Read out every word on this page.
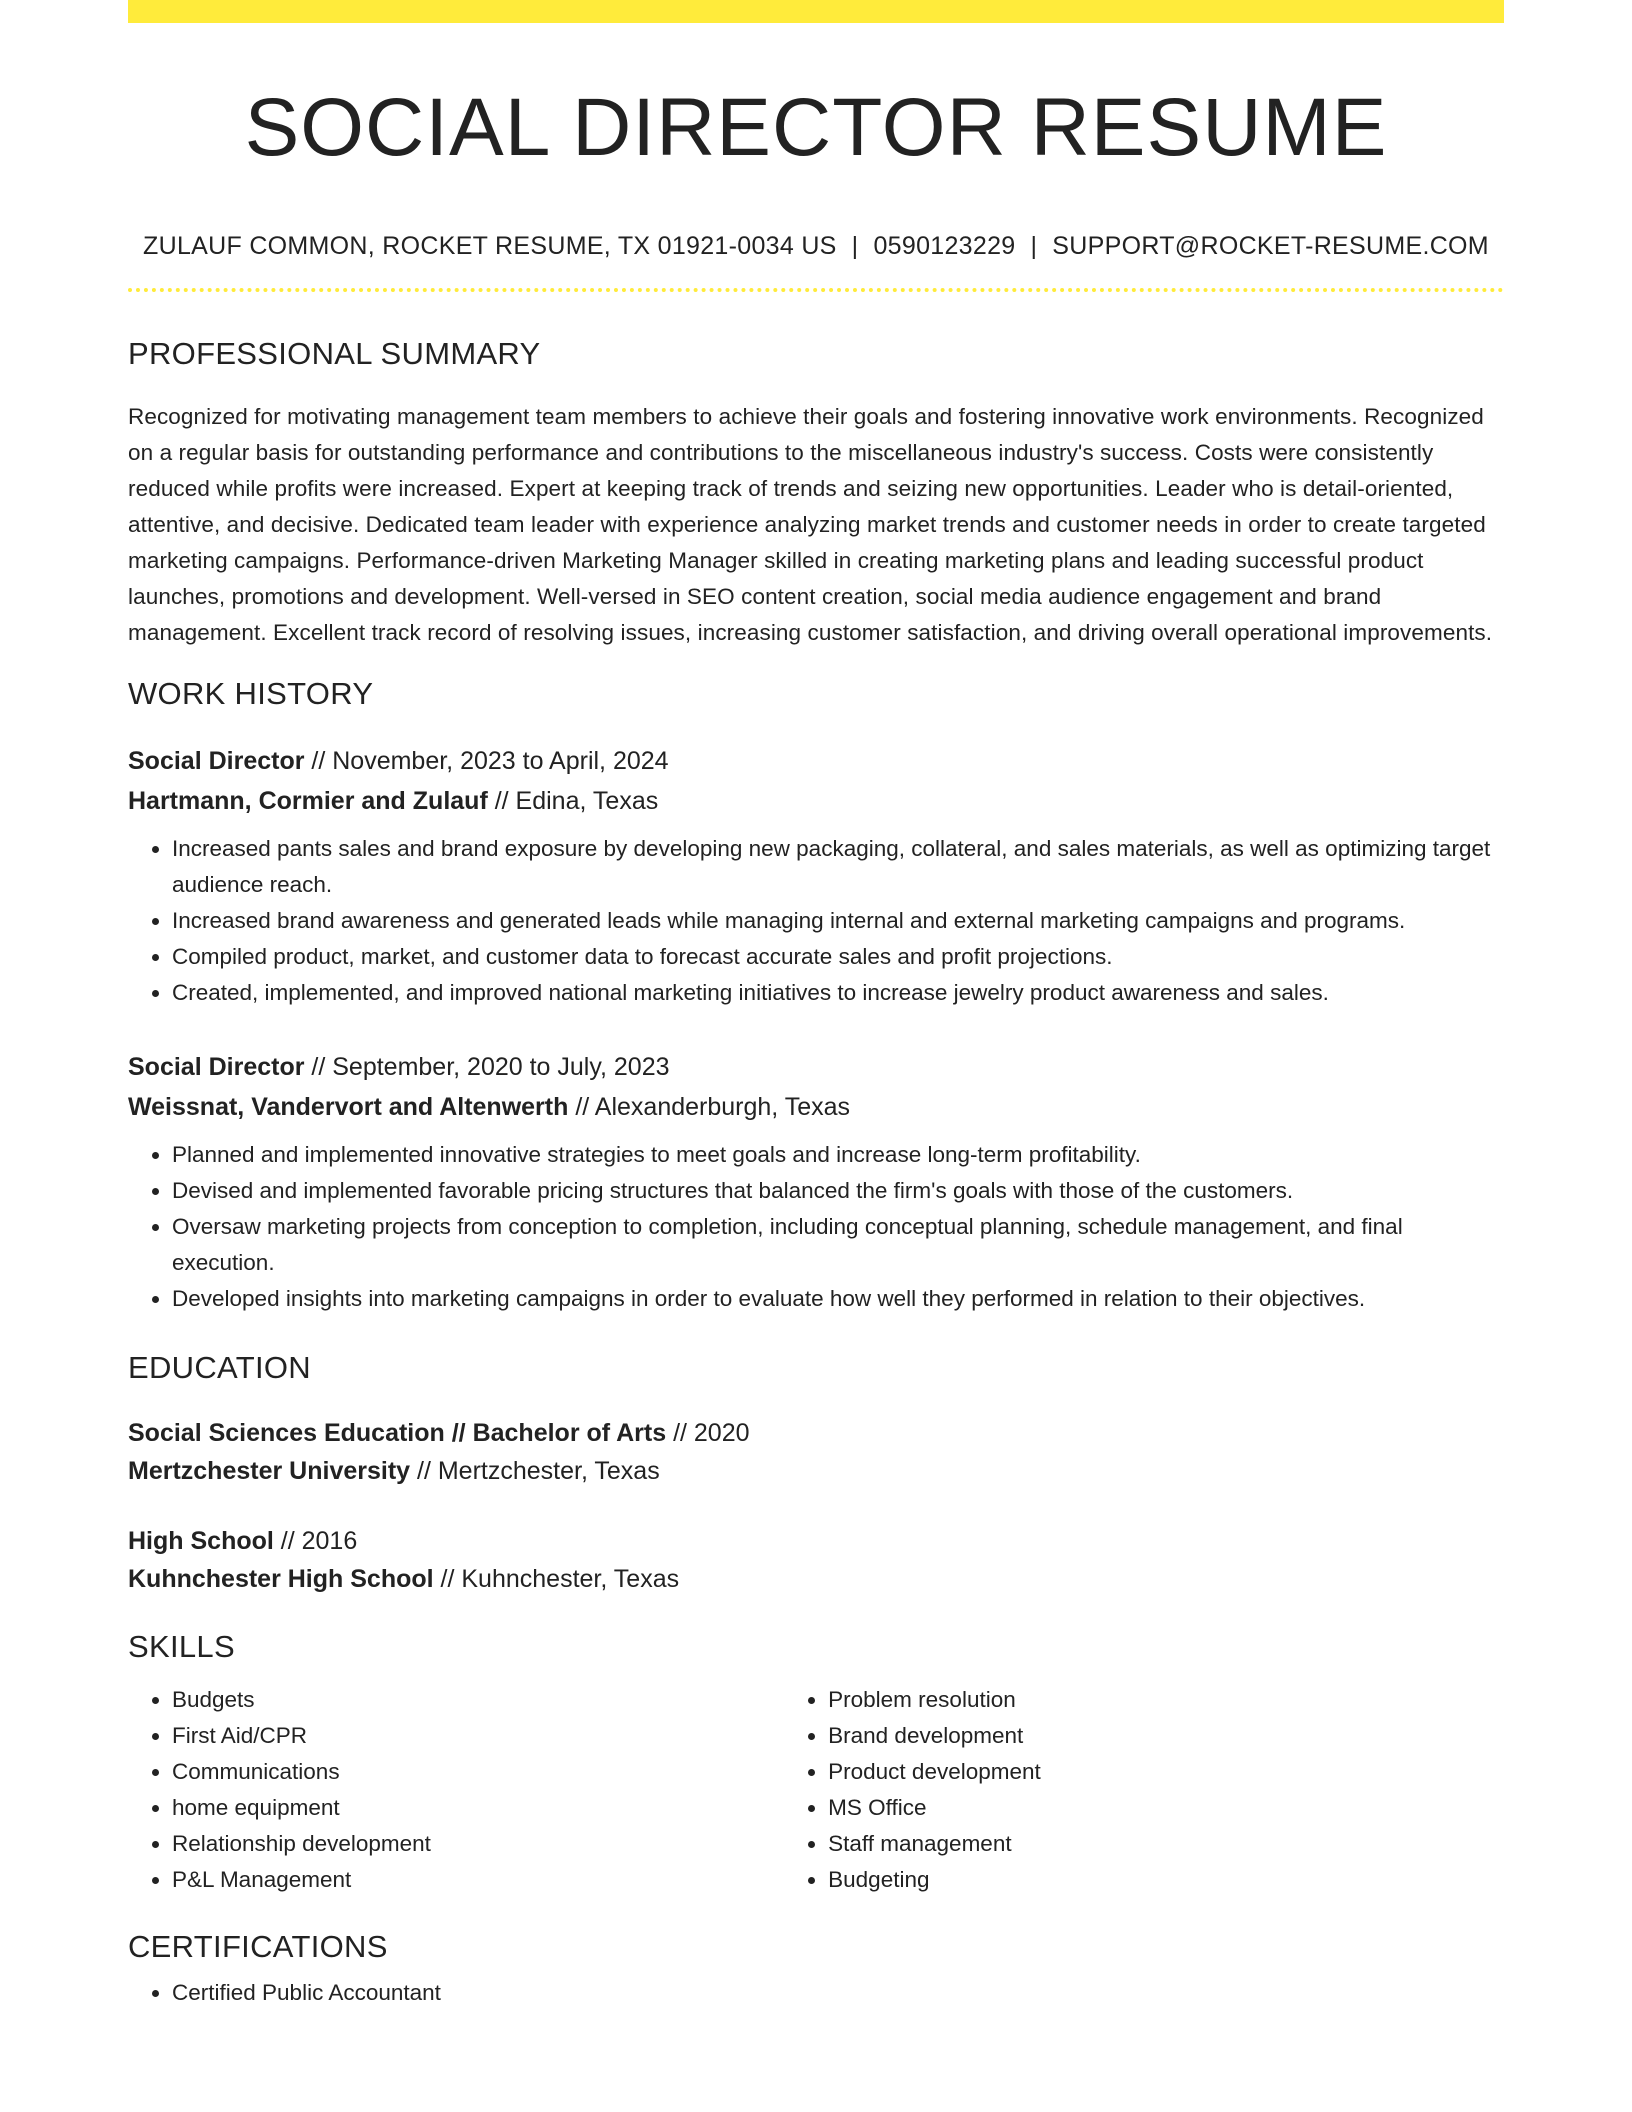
SOCIAL DIRECTOR RESUME
ZULAUF COMMON, ROCKET RESUME, TX 01921-0034 US | 0590123229 | SUPPORT@ROCKET-RESUME.COM
PROFESSIONAL SUMMARY

Recognized for motivating management team members to achieve their goals and fostering innovative work environments. Recognized on a regular basis for outstanding performance and contributions to the miscellaneous industry's success. Costs were consistently reduced while profits were increased. Expert at keeping track of trends and seizing new opportunities. Leader who is detail-oriented, attentive, and decisive. Dedicated team leader with experience analyzing market trends and customer needs in order to create targeted marketing campaigns. Performance-driven Marketing Manager skilled in creating marketing plans and leading successful product launches, promotions and development. Well-versed in SEO content creation, social media audience engagement and brand management. Excellent track record of resolving issues, increasing customer satisfaction, and driving overall operational improvements.

WORK HISTORY
Social Director // November, 2023 to April, 2024
Hartmann, Cormier and Zulauf // Edina, Texas
• Increased pants sales and brand exposure by developing new packaging, collateral, and sales materials, as well as optimizing target audience reach.
• Increased brand awareness and generated leads while managing internal and external marketing campaigns and programs.
• Compiled product, market, and customer data to forecast accurate sales and profit projections.
• Created, implemented, and improved national marketing initiatives to increase jewelry product awareness and sales.
Social Director // September, 2020 to July, 2023
Weissnat, Vandervort and Altenwerth // Alexanderburgh, Texas
• Planned and implemented innovative strategies to meet goals and increase long-term profitability.
• Devised and implemented favorable pricing structures that balanced the firm's goals with those of the customers.
• Oversaw marketing projects from conception to completion, including conceptual planning, schedule management, and final execution.
• Developed insights into marketing campaigns in order to evaluate how well they performed in relation to their objectives.
EDUCATION
Social Sciences Education // Bachelor of Arts // 2020
Mertzchester University // Mertzchester, Texas
High School // 2016
Kuhnchester High School // Kuhnchester, Texas
SKILLS
• Budgets
• First Aid/CPR
• Communications
• home equipment
• Relationship development
• P&L Management
• Problem resolution
• Brand development
• Product development
• MS Office
• Staff management
• Budgeting
CERTIFICATIONS
• Certified Public Accountant
